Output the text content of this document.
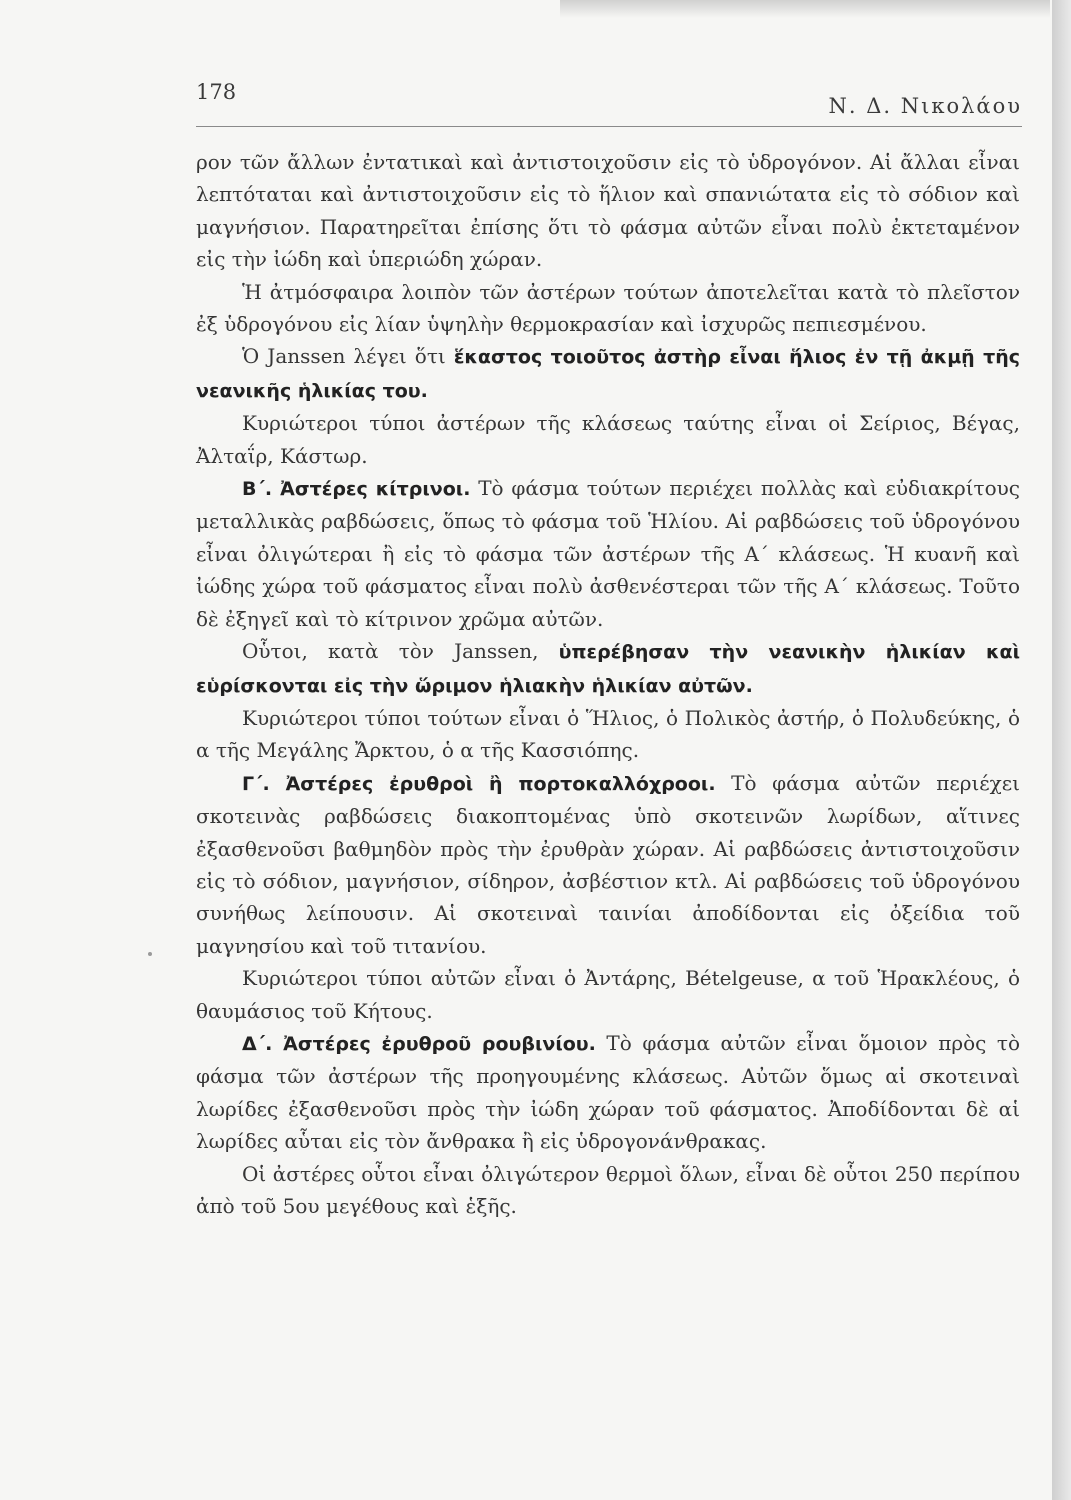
178
Ν. Δ. Νικολάου

ρον τῶν ἄλλων ἐντατικαὶ καὶ ἀντιστοιχοῦσιν εἰς τὸ ὑδρογόνον. Αἱ ἄλλαι εἶναι λεπτόταται καὶ ἀντιστοιχοῦσιν εἰς τὸ ἥλιον καὶ σπανιώτατα εἰς τὸ σόδιον καὶ μαγνήσιον. Παρατηρεῖται ἐπίσης ὅτι τὸ φάσμα αὐτῶν εἶναι πολὺ ἐκτεταμένον εἰς τὴν ἰώδη καὶ ὑπεριώδη χώραν.

Ἡ ἀτμόσφαιρα λοιπὸν τῶν ἀστέρων τούτων ἀποτελεῖται κατὰ τὸ πλεῖστον ἐξ ὑδρογόνου εἰς λίαν ὑψηλὴν θερμοκρασίαν καὶ ἰσχυρῶς πεπιεσμένου.

Ὁ Janssen λέγει ὅτι ἕκαστος τοιοῦτος ἀστὴρ εἶναι ἥλιος ἐν τῇ ἀκμῇ τῆς νεανικῆς ἡλικίας του.

Κυριώτεροι τύποι ἀστέρων τῆς κλάσεως ταύτης εἶναι οἱ Σείριος, Βέγας, Ἀλταΐρ, Κάστωρ.

Β΄. Ἀστέρες κίτρινοι. Τὸ φάσμα τούτων περιέχει πολλὰς καὶ εὐδιακρίτους μεταλλικὰς ραβδώσεις, ὅπως τὸ φάσμα τοῦ Ἡλίου. Αἱ ραβδώσεις τοῦ ὑδρογόνου εἶναι ὀλιγώτεραι ἢ εἰς τὸ φάσμα τῶν ἀστέρων τῆς Α΄ κλάσεως. Ἡ κυανῆ καὶ ἰώδης χώρα τοῦ φάσματος εἶναι πολὺ ἀσθενέστεραι τῶν τῆς Α΄ κλάσεως. Τοῦτο δὲ ἐξηγεῖ καὶ τὸ κίτρινον χρῶμα αὐτῶν.

Οὗτοι, κατὰ τὸν Janssen, ὑπερέβησαν τὴν νεανικὴν ἡλικίαν καὶ εὑρίσκονται εἰς τὴν ὥριμον ἡλιακὴν ἡλικίαν αὐτῶν.

Κυριώτεροι τύποι τούτων εἶναι ὁ Ἥλιος, ὁ Πολικὸς ἀστήρ, ὁ Πολυδεύκης, ὁ α τῆς Μεγάλης Ἄρκτου, ὁ α τῆς Κασσιόπης.

Γ΄. Ἀστέρες ἐρυθροὶ ἢ πορτοκαλλόχροοι. Τὸ φάσμα αὐτῶν περιέχει σκοτεινὰς ραβδώσεις διακοπτομένας ὑπὸ σκοτεινῶν λωρίδων, αἵτινες ἐξασθενοῦσι βαθμηδὸν πρὸς τὴν ἐρυθρὰν χώραν. Αἱ ραβδώσεις ἀντιστοιχοῦσιν εἰς τὸ σόδιον, μαγνήσιον, σίδηρον, ἀσβέστιον κτλ. Αἱ ραβδώσεις τοῦ ὑδρογόνου συνήθως λείπουσιν. Αἱ σκοτειναὶ ταινίαι ἀποδίδονται εἰς ὀξείδια τοῦ μαγνησίου καὶ τοῦ τιτανίου.

Κυριώτεροι τύποι αὐτῶν εἶναι ὁ Ἀντάρης, Bételgeuse, α τοῦ Ἡρακλέους, ὁ θαυμάσιος τοῦ Κήτους.

Δ΄. Ἀστέρες ἐρυθροῦ ρουβινίου. Τὸ φάσμα αὐτῶν εἶναι ὅμοιον πρὸς τὸ φάσμα τῶν ἀστέρων τῆς προηγουμένης κλάσεως. Αὐτῶν ὅμως αἱ σκοτειναὶ λωρίδες ἐξασθενοῦσι πρὸς τὴν ἰώδη χώραν τοῦ φάσματος. Ἀποδίδονται δὲ αἱ λωρίδες αὗται εἰς τὸν ἄνθρακα ἢ εἰς ὑδρογονάνθρακας.

Οἱ ἀστέρες οὗτοι εἶναι ὀλιγώτερον θερμοὶ ὅλων, εἶναι δὲ οὗτοι 250 περίπου ἀπὸ τοῦ 5ου μεγέθους καὶ ἑξῆς.
